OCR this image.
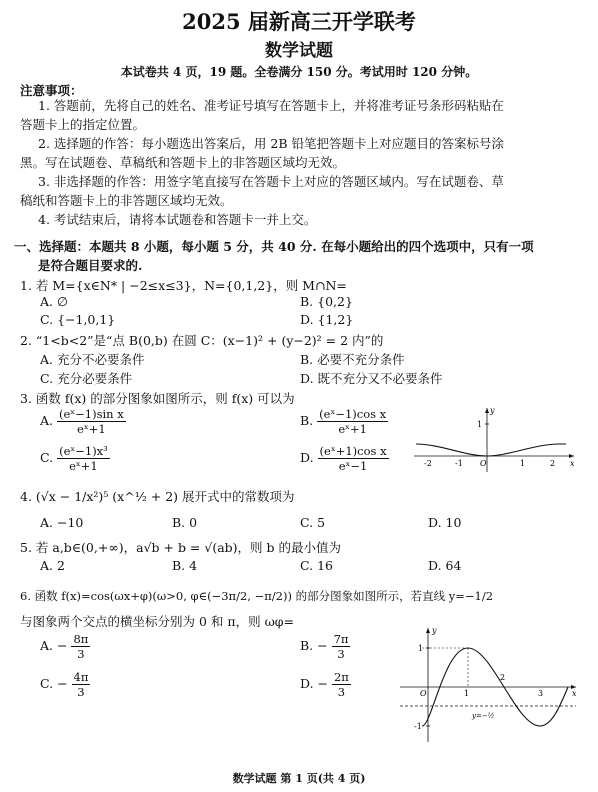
2025 届新高三开学联考
数学试题
本试卷共 4 页，19 题。全卷满分 150 分。考试用时 120 分钟。
注意事项：
1. 答题前，先将自己的姓名、准考证号填写在答题卡上，并将准考证号条形码粘贴在
答题卡上的指定位置。
2. 选择题的作答：每小题选出答案后，用 2B 铅笔把答题卡上对应题目的答案标号涂
黑。写在试题卷、草稿纸和答题卡上的非答题区域均无效。
3. 非选择题的作答：用签字笔直接写在答题卡上对应的答题区域内。写在试题卷、草
稿纸和答题卡上的非答题区域均无效。
4. 考试结束后，请将本试题卷和答题卡一并上交。
一、选择题：本题共 8 小题，每小题 5 分，共 40 分. 在每小题给出的四个选项中，只有一项
是符合题目要求的.
1. 若 M={x∈N* | −2≤x≤3}，N={0,1,2}，则 M∩N=
A. ∅	B. {0,2}
C. {−1,0,1}	D. {1,2}
2. “1<b<2”是“点 B(0,b) 在圆 C：(x−1)² + (y−2)² = 2 内”的
A. 充分不必要条件	B. 必要不充分条件
C. 充分必要条件	D. 既不充分又不必要条件
3. 函数 f(x) 的部分图象如图所示，则 f(x) 可以为
A. $\frac{\text{(eˣ−1)sin x}}{\text{eˣ+1}}$	B. $\frac{\text{(eˣ−1)cos x}}{\text{eˣ+1}}$
C. $\frac{\text{(eˣ−1)x³}}{\text{eˣ+1}}$	D. $\frac{\text{(eˣ+1)cos x}}{\text{eˣ−1}}$
1
-2	-1 O	1	2 x
y
4. (√x − 1/x²)⁵ (x^½ + 2) 展开式中的常数项为
A. −10	B. 0	C. 5	D. 10
5. 若 a,b∈(0,+∞)，a√b + b = √(ab)，则 b 的最小值为
A. 2	B. 4	C. 16	D. 64
6. 函数 f(x)=cos(ωx+φ)(ω>0, φ∈(−3π/2, −π/2)) 的部分图象如图所示，若直线 y=−1/2
与图象两个交点的横坐标分别为 0 和 π，则 ωφ=
A. − $\frac{8\pi}{3}$	B. − $\frac{7\pi}{3}$
C. − $\frac{4\pi}{3}$	D. − $\frac{2\pi}{3}$
1
-1
O	1
2
3	x
y
y=−½
数学试题 第 1 页(共 4 页)
